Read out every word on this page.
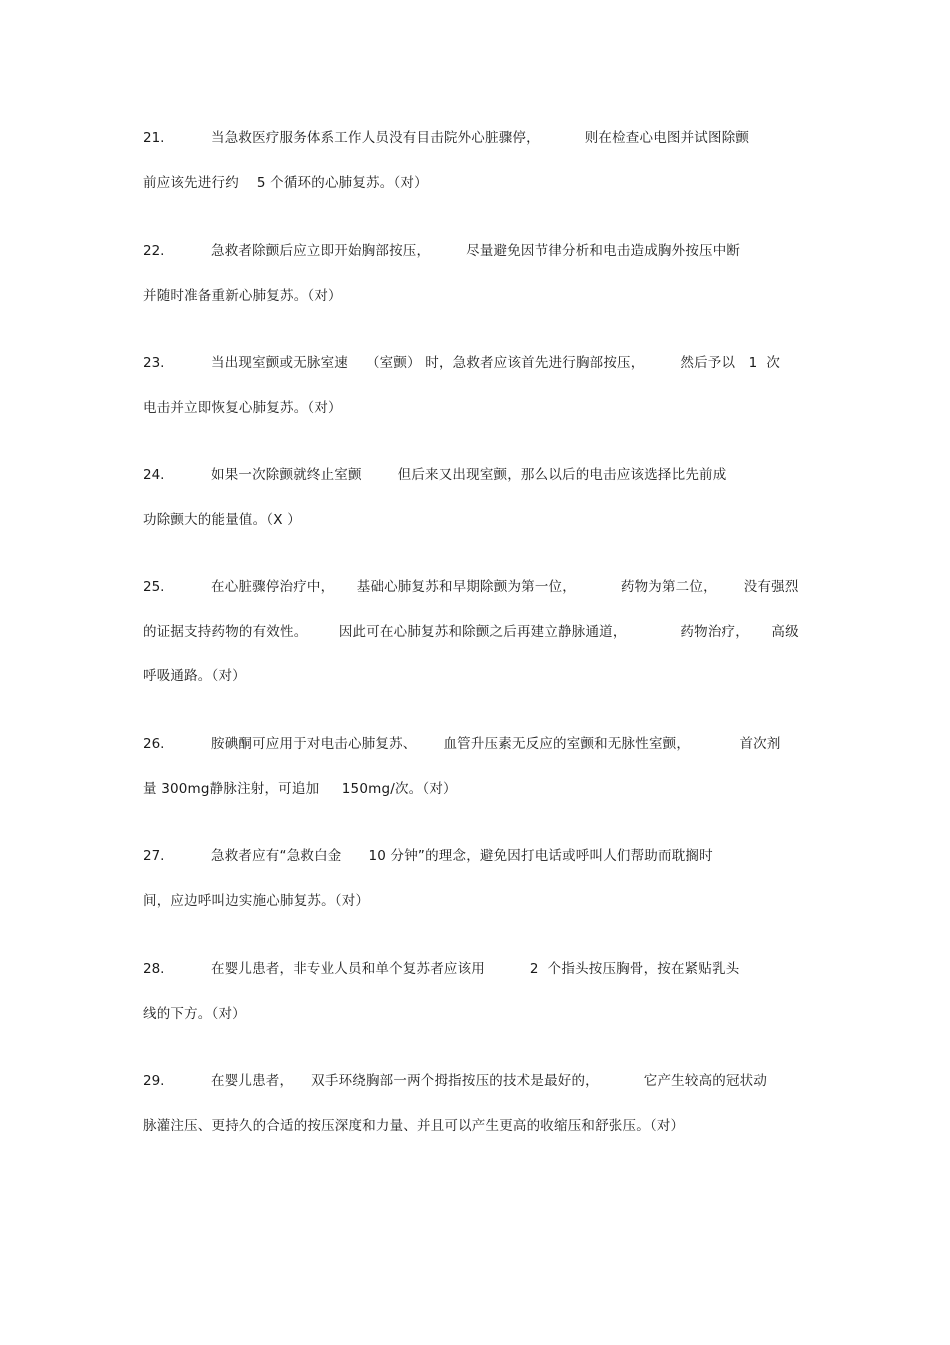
21.	当急救医疗服务体系工作人员没有目击院外心脏骤停，          则在检查心电图并试图除颤
前应该先进行约    5 个循环的心肺复苏。（对）
22.	急救者除颤后应立即开始胸部按压，        尽量避免因节律分析和电击造成胸外按压中断
并随时准备重新心肺复苏。（对）
23.	当出现室颤或无脉室速    （室颤） 时，急救者应该首先进行胸部按压，        然后予以   1  次
电击并立即恢复心肺复苏。（对）
24.	如果一次除颤就终止室颤        但后来又出现室颤，那么以后的电击应该选择比先前成
功除颤大的能量值。（X ）
25.	在心脏骤停治疗中，     基础心肺复苏和早期除颤为第一位，          药物为第二位，      没有强烈
的证据支持药物的有效性。       因此可在心肺复苏和除颤之后再建立静脉通道，            药物治疗，     高级
呼吸通路。（对）
26.	胺碘酮可应用于对电击心肺复苏、      血管升压素无反应的室颤和无脉性室颤，           首次剂
量 300mg静脉注射，可追加     150mg/次。（对）
27.	急救者应有“急救白金      10 分钟”的理念，避免因打电话或呼叫人们帮助而耽搁时
间，应边呼叫边实施心肺复苏。（对）
28.	在婴儿患者，非专业人员和单个复苏者应该用          2  个指头按压胸骨，按在紧贴乳头
线的下方。（对）
29.	在婴儿患者，    双手环绕胸部一两个拇指按压的技术是最好的，          它产生较高的冠状动
脉灌注压、更持久的合适的按压深度和力量、并且可以产生更高的收缩压和舒张压。（对）
